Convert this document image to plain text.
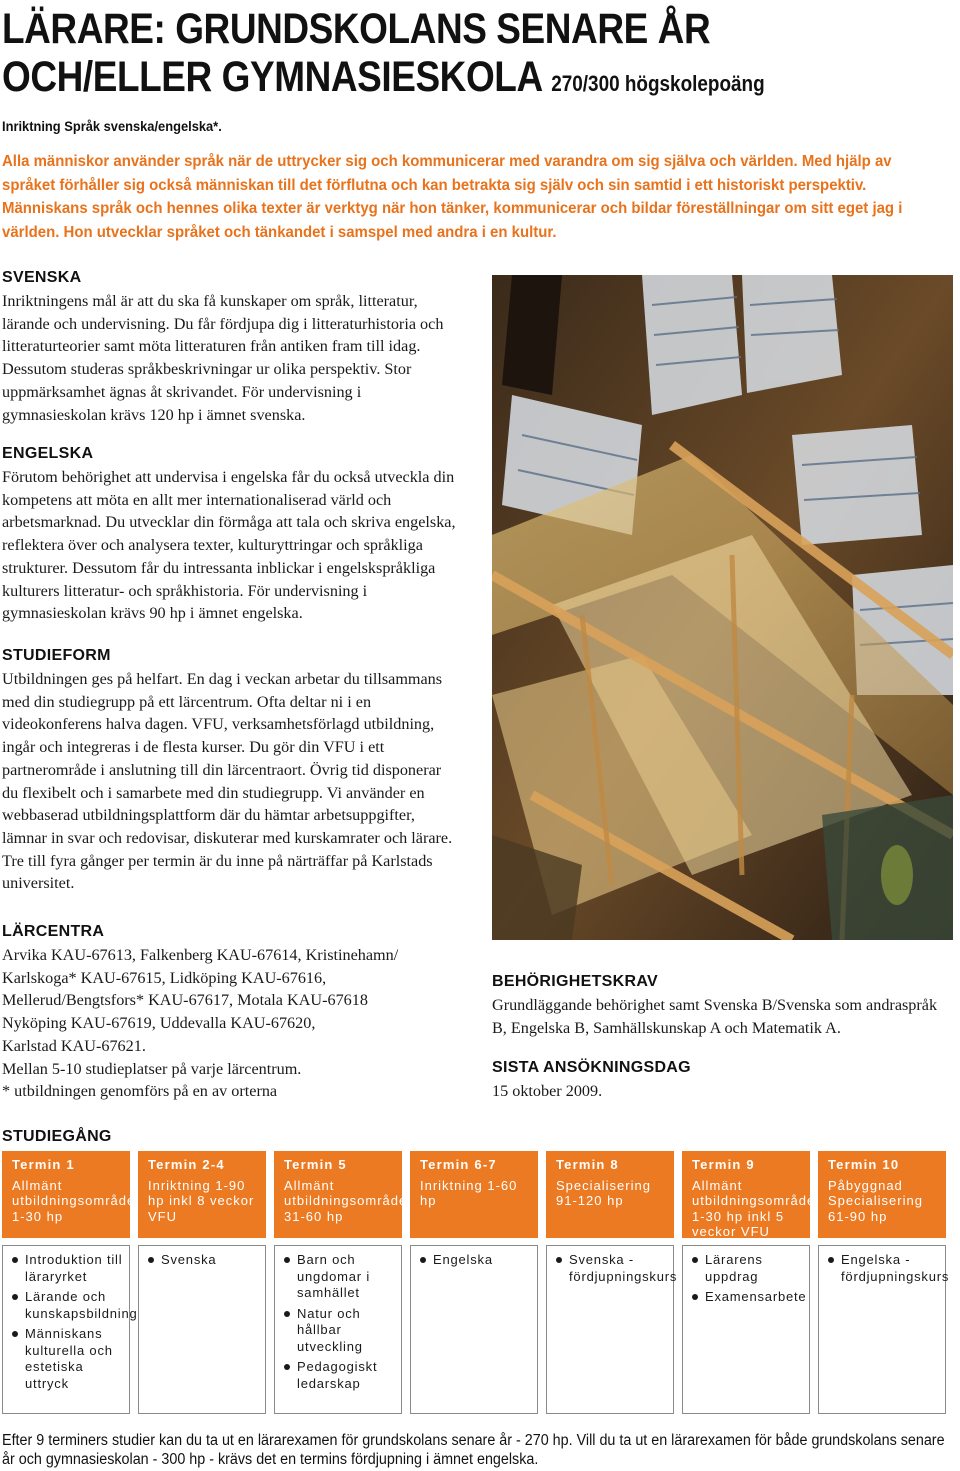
LÄRARE: GRUNDSKOLANS SENARE ÅR
OCH/ELLER GYMNASIESKOLA 270/300 högskolepoäng
Inriktning Språk svenska/engelska*.

Alla människor använder språk när de uttrycker sig och kommunicerar med varandra om sig själva och världen. Med hjälp av språket förhåller sig också människan till det förflutna och kan betrakta sig själv och sin samtid i ett historiskt perspektiv. Människans språk och hennes olika texter är verktyg när hon tänker, kommunicerar och bildar föreställningar om sitt eget jag i världen. Hon utvecklar språket och tänkandet i samspel med andra i en kultur.

SVENSKA

Inriktningens mål är att du ska få kunskaper om språk, litteratur, lärande och undervisning. Du får fördjupa dig i litteraturhistoria och litteraturteorier samt möta litteraturen från antiken fram till idag. Dessutom studeras språkbeskrivningar ur olika perspektiv. Stor uppmärksamhet ägnas åt skrivandet. För undervisning i gymnasieskolan krävs 120 hp i ämnet svenska.

ENGELSKA

Förutom behörighet att undervisa i engelska får du också utveckla din kompetens att möta en allt mer internationaliserad värld och arbetsmarknad. Du utvecklar din förmåga att tala och skriva engelska, reflektera över och analysera texter, kulturyttringar och språkliga strukturer. Dessutom får du intressanta inblickar i engelskspråkliga kulturers litteratur- och språkhistoria. För undervisning i gymnasieskolan krävs 90 hp i ämnet engelska.

STUDIEFORM

Utbildningen ges på helfart. En dag i veckan arbetar du tillsammans med din studiegrupp på ett lärcentrum. Ofta deltar ni i en videokonferens halva dagen. VFU, verksamhetsförlagd utbildning, ingår och integreras i de flesta kurser. Du gör din VFU i ett partnerområde i anslutning till din lärcentraort. Övrig tid disponerar du flexibelt och i samarbete med din studiegrupp. Vi använder en webbaserad utbildningsplattform där du hämtar arbetsuppgifter, lämnar in svar och redovisar, diskuterar med kurskamrater och lärare. Tre till fyra gånger per termin är du inne på närträffar på Karlstads universitet.

LÄRCENTRA
Arvika KAU-67613, Falkenberg KAU-67614, Kristinehamn/
Karlskoga* KAU-67615, Lidköping KAU-67616,
Mellerud/Bengtsfors* KAU-67617, Motala KAU-67618
Nyköping KAU-67619, Uddevalla KAU-67620,
Karlstad KAU-67621.
Mellan 5-10 studieplatser på varje lärcentrum.
* utbildningen genomförs på en av orterna
BEHÖRIGHETSKRAV

Grundläggande behörighet samt Svenska B/Svenska som andraspråk B, Engelska B, Samhällskunskap A och Matematik A.

SISTA ANSÖKNINGSDAG

15 oktober 2009.

STUDIEGÅNG
Termin 1
Allmänt utbildningsområde 1-30 hp
Termin 2-4
Inriktning 1-90 hp inkl 8 veckor VFU
Termin 5
Allmänt utbildningsområde 31-60 hp
Termin 6-7
Inriktning 1-60 hp
Termin 8
Specialisering 91-120 hp
Termin 9
Allmänt utbildningsområde 1-30 hp inkl 5 veckor VFU
Termin 10
Påbyggnad Specialisering 61-90 hp
Introduktion till läraryrket
Lärande och kunskapsbildning
Människans kulturella och estetiska uttryck
Svenska	Barn och ungdomar i samhället
Natur och hållbar utveckling
Pedagogiskt ledarskap
Engelska	Svenska - fördjupningskurs
Lärarens uppdrag
Examensarbete
Engelska - fördjupningskurs

Efter 9 terminers studier kan du ta ut en lärarexamen för grundskolans senare år - 270 hp. Vill du ta ut en lärarexamen för både grundskolans senare år och gymnasieskolan - 300 hp - krävs det en termins fördjupning i ämnet engelska.
